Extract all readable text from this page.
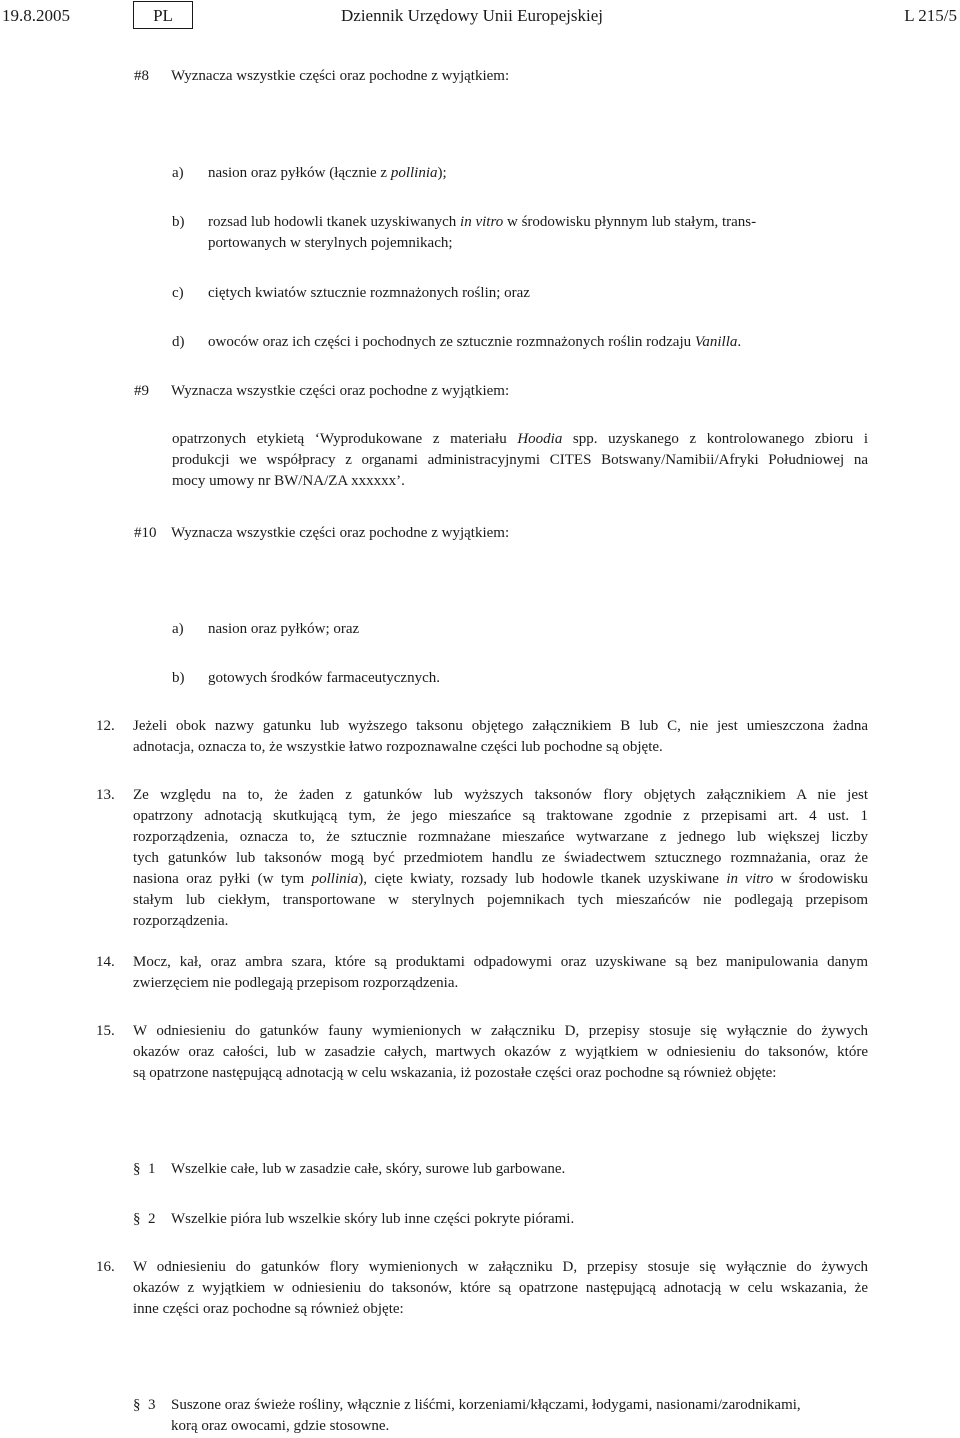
19.8.2005	PL	Dziennik Urzędowy Unii Europejskiej	L 215/5
#8 Wyznacza wszystkie części oraz pochodne z wyjątkiem:
a) nasion oraz pyłków (łącznie z pollinia);
b) rozsad lub hodowli tkanek uzyskiwanych in vitro w środowisku płynnym lub stałym, trans-
portowanych w sterylnych pojemnikach;
c) ciętych kwiatów sztucznie rozmnażonych roślin; oraz
d) owoców oraz ich części i pochodnych ze sztucznie rozmnażonych roślin rodzaju Vanilla.
#9 Wyznacza wszystkie części oraz pochodne z wyjątkiem:
opatrzonych etykietą ‘Wyprodukowane z materiału Hoodia spp. uzyskanego z kontrolowanego zbioru i
produkcji we współpracy z organami administracyjnymi CITES Botswany/Namibii/Afryki Południowej na
mocy umowy nr BW/NA/ZA xxxxxx’.
#10 Wyznacza wszystkie części oraz pochodne z wyjątkiem:
a) nasion oraz pyłków; oraz
b) gotowych środków farmaceutycznych.
12. Jeżeli obok nazwy gatunku lub wyższego taksonu objętego załącznikiem B lub C, nie jest umieszczona żadna
adnotacja, oznacza to, że wszystkie łatwo rozpoznawalne części lub pochodne są objęte.
13. Ze względu na to, że żaden z gatunków lub wyższych taksonów flory objętych załącznikiem A nie jest
opatrzony adnotacją skutkującą tym, że jego mieszańce są traktowane zgodnie z przepisami art. 4 ust. 1
rozporządzenia, oznacza to, że sztucznie rozmnażane mieszańce wytwarzane z jednego lub większej liczby
tych gatunków lub taksonów mogą być przedmiotem handlu ze świadectwem sztucznego rozmnażania, oraz że
nasiona oraz pyłki (w tym pollinia), cięte kwiaty, rozsady lub hodowle tkanek uzyskiwane in vitro w środowisku
stałym lub ciekłym, transportowane w sterylnych pojemnikach tych mieszańców nie podlegają przepisom
rozporządzenia.
14. Mocz, kał, oraz ambra szara, które są produktami odpadowymi oraz uzyskiwane są bez manipulowania danym
zwierzęciem nie podlegają przepisom rozporządzenia.
15. W odniesieniu do gatunków fauny wymienionych w załączniku D, przepisy stosuje się wyłącznie do żywych
okazów oraz całości, lub w zasadzie całych, martwych okazów z wyjątkiem w odniesieniu do taksonów, które
są opatrzone następującą adnotacją w celu wskazania, iż pozostałe części oraz pochodne są również objęte:
§ 1 Wszelkie całe, lub w zasadzie całe, skóry, surowe lub garbowane.
§ 2 Wszelkie pióra lub wszelkie skóry lub inne części pokryte piórami.
16. W odniesieniu do gatunków flory wymienionych w załączniku D, przepisy stosuje się wyłącznie do żywych
okazów z wyjątkiem w odniesieniu do taksonów, które są opatrzone następującą adnotacją w celu wskazania, że
inne części oraz pochodne są również objęte:
§ 3 Suszone oraz świeże rośliny, włącznie z liśćmi, korzeniami/kłączami, łodygami, nasionami/zarodnikami,
korą oraz owocami, gdzie stosowne.
